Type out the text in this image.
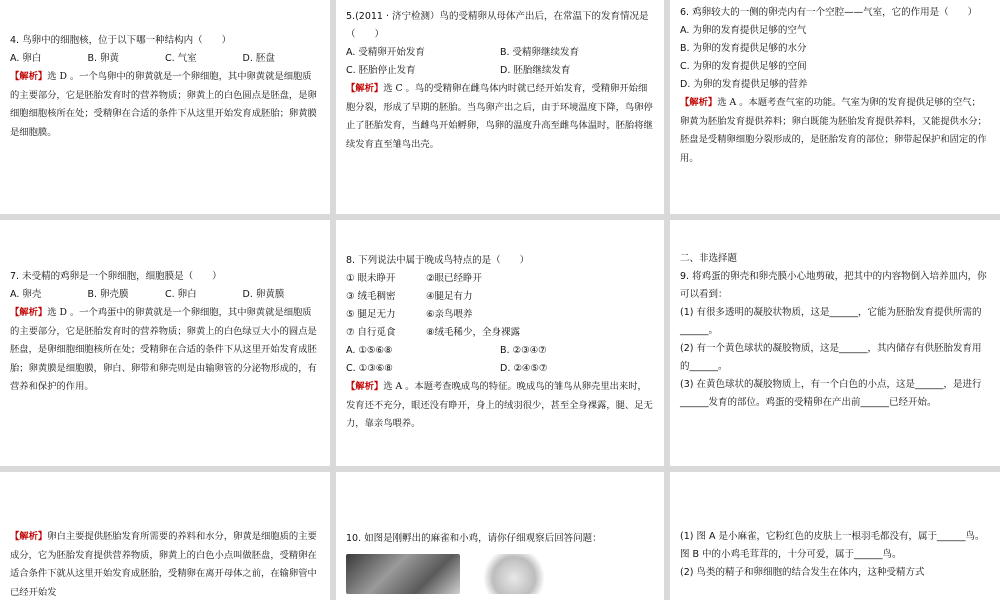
4. 鸟卵中的细胞核，位于以下哪一种结构内（　　）
A. 卵白	B. 卵黄	C. 气室	D. 胚盘
【解析】选 D 。一个鸟卵中的卵黄就是一个卵细胞，其中卵黄就是细胞质的主要部分，它是胚胎发育时的营养物质；卵黄上的白色圆点是胚盘，是卵细胞细胞核所在处；受精卵在合适的条件下从这里开始发育成胚胎；卵黄膜是细胞膜。
5.(2011 · 济宁检测）鸟的受精卵从母体产出后，在常温下的发育情况是（　　）
A. 受精卵开始发育	B. 受精卵继续发育
C. 胚胎停止发育	D. 胚胎继续发育
【解析】选 C 。鸟的受精卵在雌鸟体内时就已经开始发育，受精卵开始细胞分裂，形成了早期的胚胎。当鸟卵产出之后，由于环境温度下降，鸟卵停止了胚胎发育，当雌鸟开始孵卵，鸟卵的温度升高至雌鸟体温时，胚胎将继续发育直至雏鸟出壳。
6. 鸡卵较大的一侧的卵壳内有一个空腔——气室，它的作用是（　　）
A. 为卵的发育提供足够的空气
B. 为卵的发育提供足够的水分
C. 为卵的发育提供足够的空间
D. 为卵的发育提供足够的营养
【解析】选 A 。本题考查气室的功能。气室为卵的发育提供足够的空气；卵黄为胚胎发育提供养料；卵白既能为胚胎发育提供养料，又能提供水分；胚盘是受精卵细胞分裂形成的，是胚胎发育的部位；卵带起保护和固定的作用。
7. 未受精的鸡卵是一个卵细胞，细胞膜是（　　）
A. 卵壳	B. 卵壳膜	C. 卵白	D. 卵黄膜
【解析】选 D 。一个鸡蛋中的卵黄就是一个卵细胞，其中卵黄就是细胞质的主要部分，它是胚胎发育时的营养物质；卵黄上的白色绿豆大小的圆点是胚盘，是卵细胞细胞核所在处；受精卵在合适的条件下从这里开始发育成胚胎；卵黄膜是细胞膜，卵白、卵带和卵壳则是由输卵管的分泌物形成的，有营养和保护的作用。
8. 下列说法中属于晚成鸟特点的是（　　）
① 眼未睁开	②眼已经睁开
③ 绒毛稠密	④腿足有力
⑤ 腿足无力	⑥亲鸟喂养
⑦ 自行觅食	⑧绒毛稀少，全身裸露
A. ①⑤⑥⑧	B. ②③④⑦
C. ①③⑥⑧	D. ②④⑤⑦
【解析】选 A 。本题考查晚成鸟的特征。晚成鸟的雏鸟从卵壳里出来时，发育还不充分，眼还没有睁开，身上的绒羽很少，甚至全身裸露，腿、足无力，靠亲鸟喂养。
二、非选择题
9. 将鸡蛋的卵壳和卵壳膜小心地剪破，把其中的内容物倒入培养皿内，你可以看到：
(1) 有很多透明的凝胶状物质，这是______，它能为胚胎发育提供所需的______。
(2) 有一个黄色球状的凝胶物质，这是______，其内储存有供胚胎发育用的______。
(3) 在黄色球状的凝胶物质上，有一个白色的小点，这是______，是进行______发育的部位。鸡蛋的受精卵在产出前______已经开始。
【解析】卵白主要提供胚胎发育所需要的养料和水分，卵黄是细胞质的主要成分，它为胚胎发育提供营养物质，卵黄上的白色小点叫做胚盘，受精卵在适合条件下就从这里开始发育成胚胎，受精卵在离开母体之前，在输卵管中已经开始发
10. 如图是刚孵出的麻雀和小鸡，请你仔细观察后回答问题：	(1) 图 A 是小麻雀，它粉红色的皮肤上一根羽毛都没有，属于______鸟。图 B 中的小鸡毛茸茸的，十分可爱，属于______鸟。
(2) 鸟类的精子和卵细胞的结合发生在体内，这种受精方式
